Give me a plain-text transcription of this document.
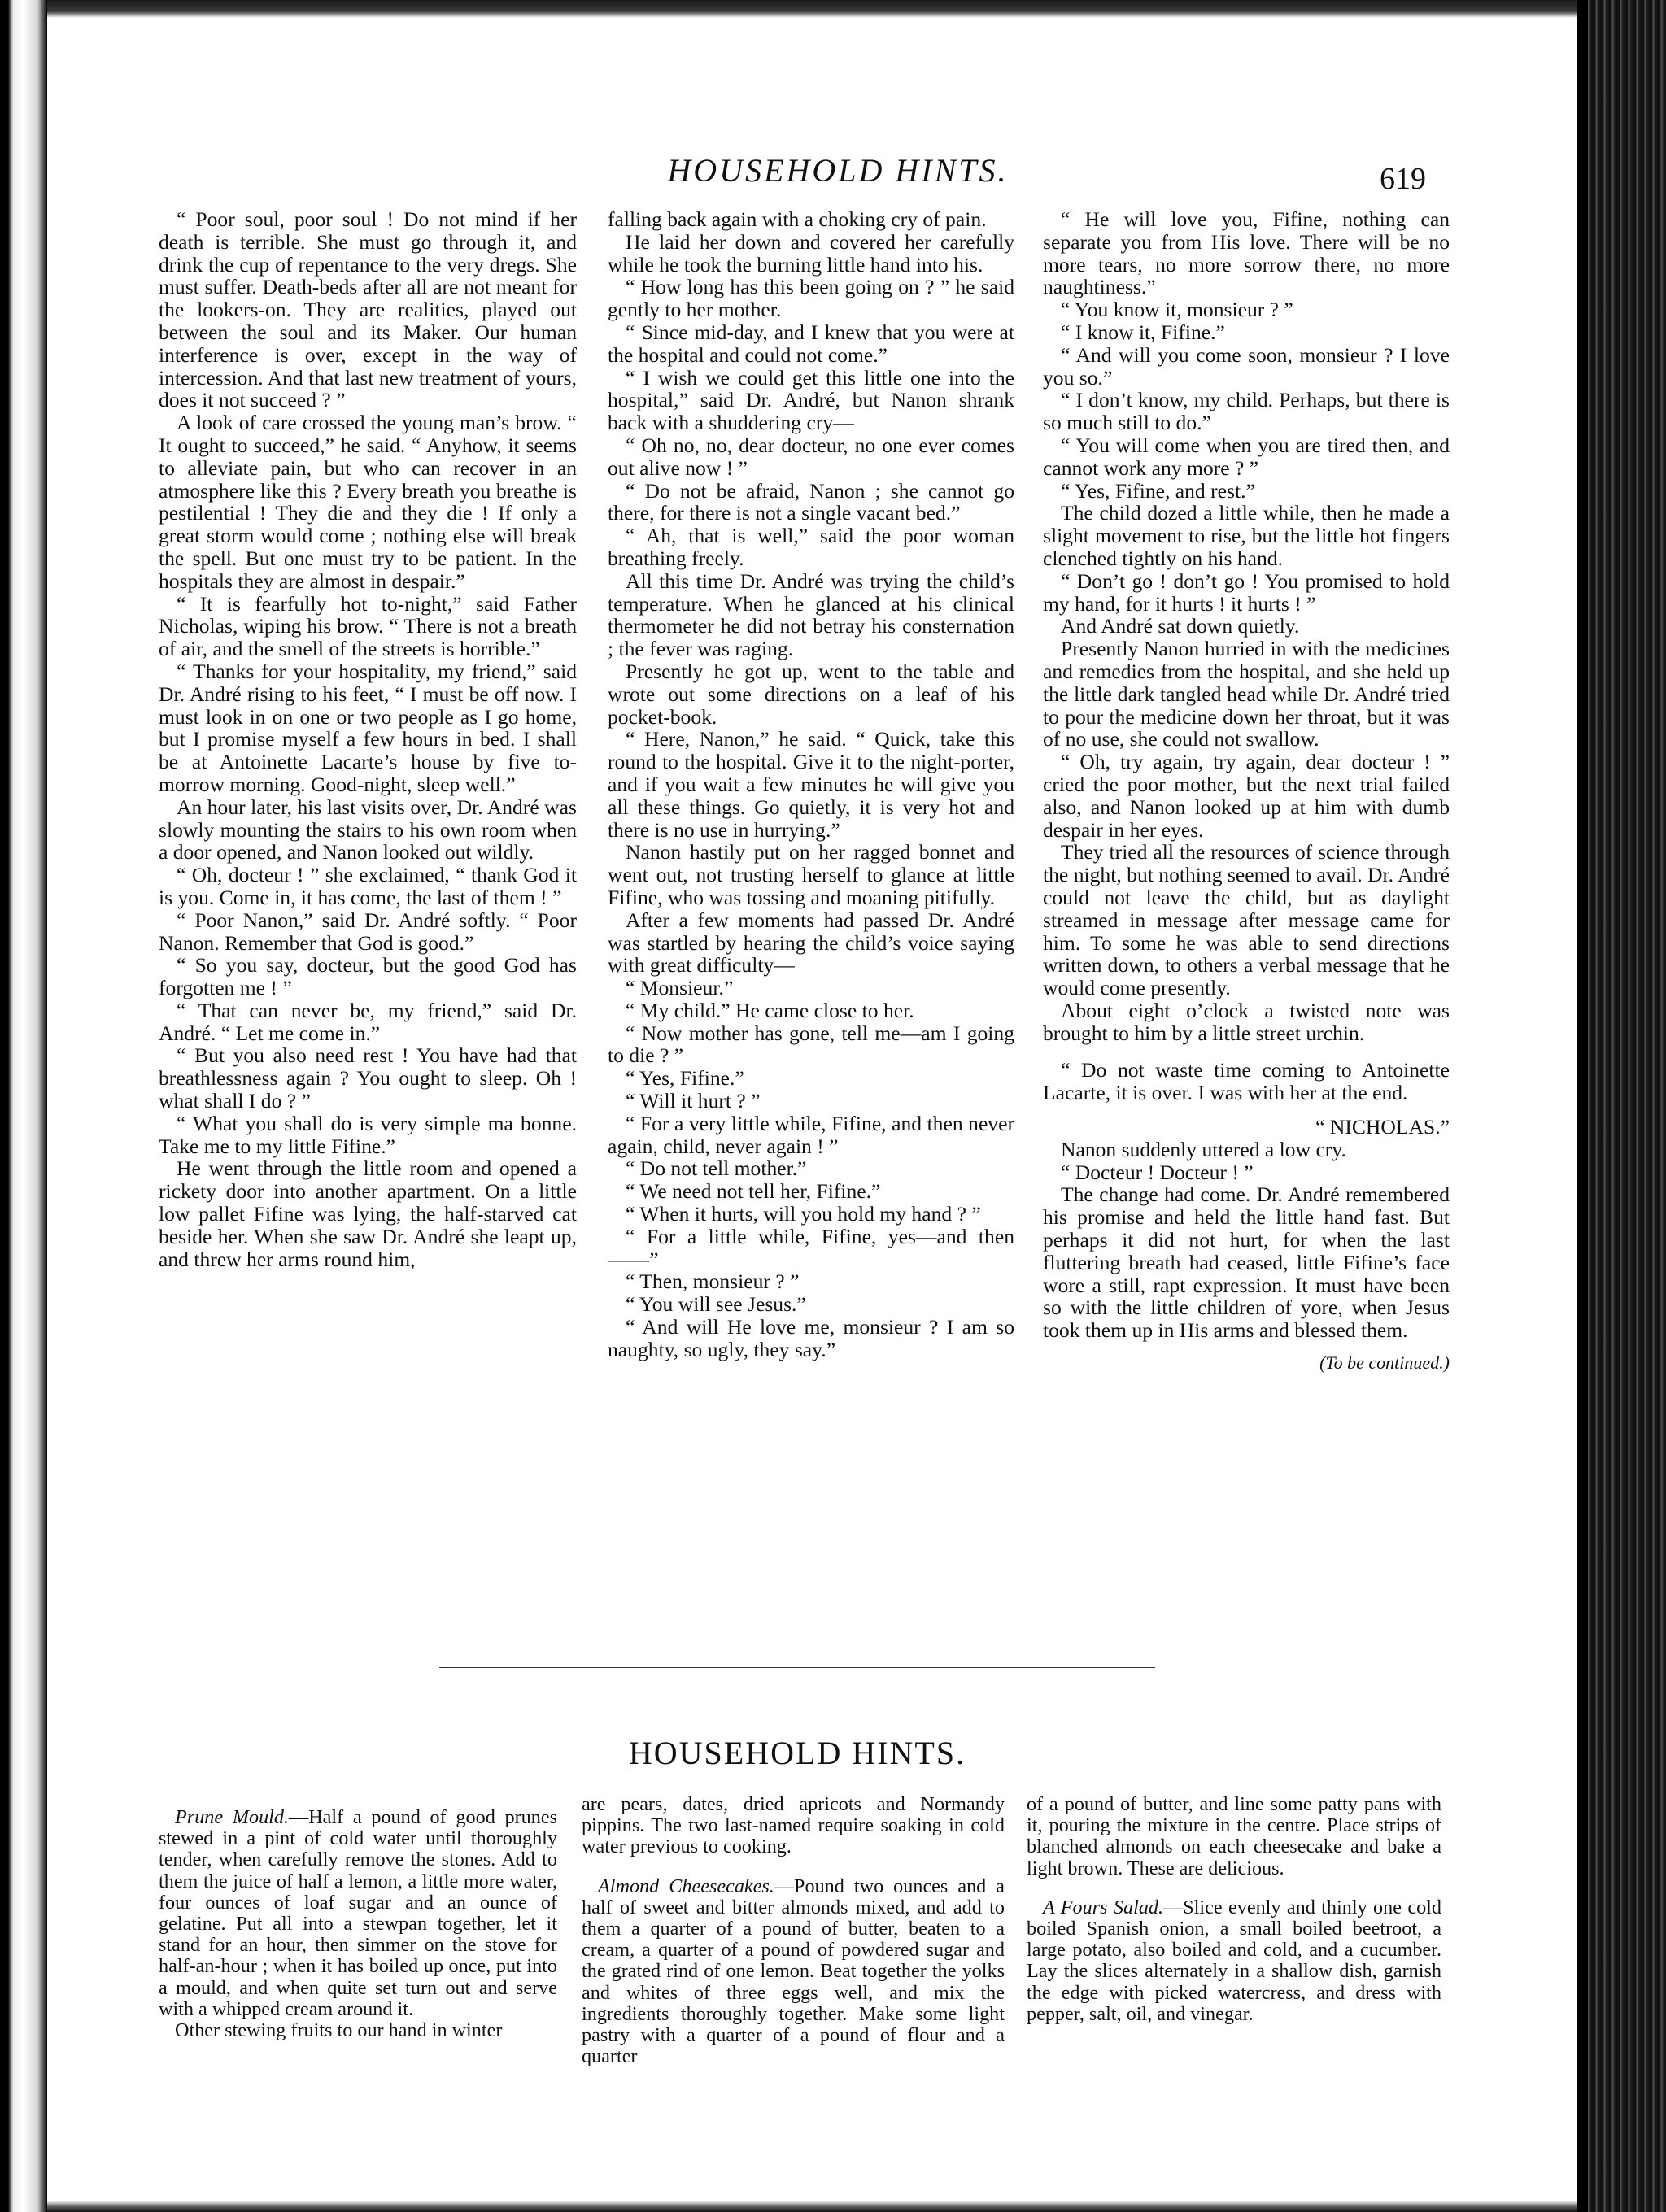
HOUSEHOLD HINTS.	619

“ Poor soul, poor soul ! Do not mind if her death is terrible. She must go through it, and drink the cup of repentance to the very dregs. She must suffer. Death-beds after all are not meant for the lookers-on. They are realities, played out between the soul and its Maker. Our human interference is over, except in the way of intercession. And that last new treatment of yours, does it not succeed ? ”

A look of care crossed the young man’s brow. “ It ought to succeed,” he said. “ Anyhow, it seems to alleviate pain, but who can recover in an atmosphere like this ? Every breath you breathe is pestilential ! They die and they die ! If only a great storm would come ; nothing else will break the spell. But one must try to be patient. In the hospitals they are almost in despair.”

“ It is fearfully hot to-night,” said Father Nicholas, wiping his brow. “ There is not a breath of air, and the smell of the streets is horrible.”

“ Thanks for your hospitality, my friend,” said Dr. André rising to his feet, “ I must be off now. I must look in on one or two people as I go home, but I promise myself a few hours in bed. I shall be at Antoinette Lacarte’s house by five to-morrow morning. Good-night, sleep well.”

An hour later, his last visits over, Dr. André was slowly mounting the stairs to his own room when a door opened, and Nanon looked out wildly.

“ Oh, docteur ! ” she exclaimed, “ thank God it is you. Come in, it has come, the last of them ! ”

“ Poor Nanon,” said Dr. André softly. “ Poor Nanon. Remember that God is good.”

“ So you say, docteur, but the good God has forgotten me ! ”

“ That can never be, my friend,” said Dr. André. “ Let me come in.”

“ But you also need rest ! You have had that breathlessness again ? You ought to sleep. Oh ! what shall I do ? ”

“ What you shall do is very simple ma bonne. Take me to my little Fifine.”

He went through the little room and opened a rickety door into another apartment. On a little low pallet Fifine was lying, the half-starved cat beside her. When she saw Dr. André she leapt up, and threw her arms round him,

falling back again with a choking cry of pain.

He laid her down and covered her carefully while he took the burning little hand into his.

“ How long has this been going on ? ” he said gently to her mother.

“ Since mid-day, and I knew that you were at the hospital and could not come.”

“ I wish we could get this little one into the hospital,” said Dr. André, but Nanon shrank back with a shuddering cry—

“ Oh no, no, dear docteur, no one ever comes out alive now ! ”

“ Do not be afraid, Nanon ; she cannot go there, for there is not a single vacant bed.”

“ Ah, that is well,” said the poor woman breathing freely.

All this time Dr. André was trying the child’s temperature. When he glanced at his clinical thermometer he did not betray his consternation ; the fever was raging.

Presently he got up, went to the table and wrote out some directions on a leaf of his pocket-book.

“ Here, Nanon,” he said. “ Quick, take this round to the hospital. Give it to the night-porter, and if you wait a few minutes he will give you all these things. Go quietly, it is very hot and there is no use in hurrying.”

Nanon hastily put on her ragged bonnet and went out, not trusting herself to glance at little Fifine, who was tossing and moaning pitifully.

After a few moments had passed Dr. André was startled by hearing the child’s voice saying with great difficulty—

“ Monsieur.”

“ My child.” He came close to her.

“ Now mother has gone, tell me—am I going to die ? ”

“ Yes, Fifine.”

“ Will it hurt ? ”

“ For a very little while, Fifine, and then never again, child, never again ! ”

“ Do not tell mother.”

“ We need not tell her, Fifine.”

“ When it hurts, will you hold my hand ? ”

“ For a little while, Fifine, yes—and then——”

“ Then, monsieur ? ”

“ You will see Jesus.”

“ And will He love me, monsieur ? I am so naughty, so ugly, they say.”

“ He will love you, Fifine, nothing can separate you from His love. There will be no more tears, no more sorrow there, no more naughtiness.”

“ You know it, monsieur ? ”

“ I know it, Fifine.”

“ And will you come soon, monsieur ? I love you so.”

“ I don’t know, my child. Perhaps, but there is so much still to do.”

“ You will come when you are tired then, and cannot work any more ? ”

“ Yes, Fifine, and rest.”

The child dozed a little while, then he made a slight movement to rise, but the little hot fingers clenched tightly on his hand.

“ Don’t go ! don’t go ! You promised to hold my hand, for it hurts ! it hurts ! ”

And André sat down quietly.

Presently Nanon hurried in with the medicines and remedies from the hospital, and she held up the little dark tangled head while Dr. André tried to pour the medicine down her throat, but it was of no use, she could not swallow.

“ Oh, try again, try again, dear docteur ! ” cried the poor mother, but the next trial failed also, and Nanon looked up at him with dumb despair in her eyes.

They tried all the resources of science through the night, but nothing seemed to avail. Dr. André could not leave the child, but as daylight streamed in message after message came for him. To some he was able to send directions written down, to others a verbal message that he would come presently.

About eight o’clock a twisted note was brought to him by a little street urchin.

“ Do not waste time coming to Antoinette Lacarte, it is over. I was with her at the end.

“ NICHOLAS.”

Nanon suddenly uttered a low cry.

“ Docteur ! Docteur ! ”

The change had come. Dr. André remembered his promise and held the little hand fast. But perhaps it did not hurt, for when the last fluttering breath had ceased, little Fifine’s face wore a still, rapt expression. It must have been so with the little children of yore, when Jesus took them up in His arms and blessed them.

(To be continued.)

HOUSEHOLD HINTS.

Prune Mould.—Half a pound of good prunes stewed in a pint of cold water until thoroughly tender, when carefully remove the stones. Add to them the juice of half a lemon, a little more water, four ounces of loaf sugar and an ounce of gelatine. Put all into a stewpan together, let it stand for an hour, then simmer on the stove for half-an-hour ; when it has boiled up once, put into a mould, and when quite set turn out and serve with a whipped cream around it.

Other stewing fruits to our hand in winter

are pears, dates, dried apricots and Normandy pippins. The two last-named require soaking in cold water previous to cooking.

Almond Cheesecakes.—Pound two ounces and a half of sweet and bitter almonds mixed, and add to them a quarter of a pound of butter, beaten to a cream, a quarter of a pound of powdered sugar and the grated rind of one lemon. Beat together the yolks and whites of three eggs well, and mix the ingredients thoroughly together. Make some light pastry with a quarter of a pound of flour and a quarter

of a pound of butter, and line some patty pans with it, pouring the mixture in the centre. Place strips of blanched almonds on each cheesecake and bake a light brown. These are delicious.

A Fours Salad.—Slice evenly and thinly one cold boiled Spanish onion, a small boiled beetroot, a large potato, also boiled and cold, and a cucumber. Lay the slices alternately in a shallow dish, garnish the edge with picked watercress, and dress with pepper, salt, oil, and vinegar.
